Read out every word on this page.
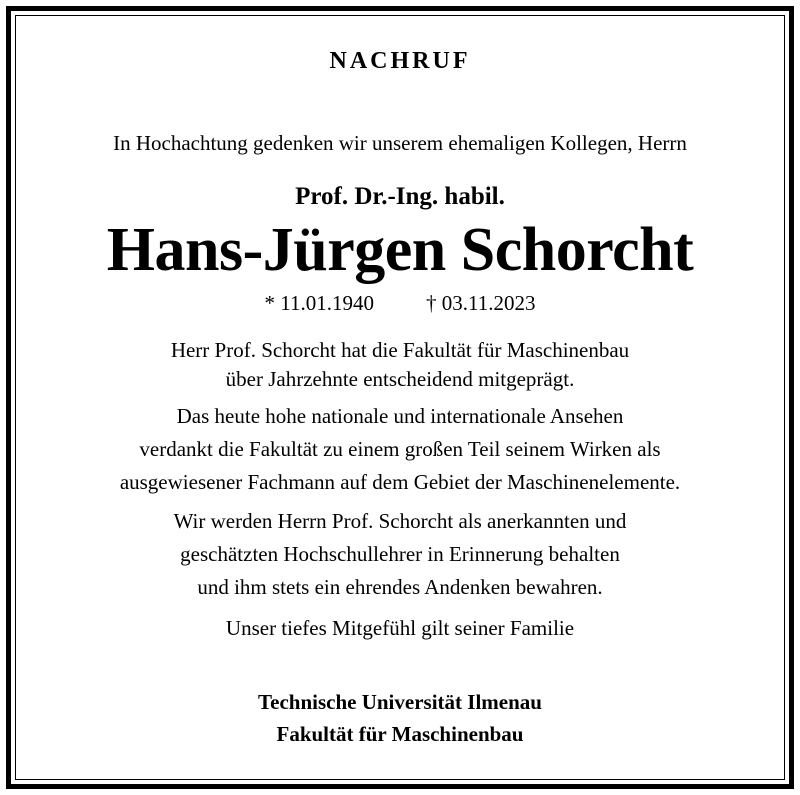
NACHRUF
In Hochachtung gedenken wir unserem ehemaligen Kollegen, Herrn
Prof. Dr.-Ing. habil.
Hans-Jürgen Schorcht
* 11.01.1940 † 03.11.2023
Herr Prof. Schorcht hat die Fakultät für Maschinenbau
über Jahrzehnte entscheidend mitgeprägt.
Das heute hohe nationale und internationale Ansehen
verdankt die Fakultät zu einem großen Teil seinem Wirken als
ausgewiesener Fachmann auf dem Gebiet der Maschinenelemente.
Wir werden Herrn Prof. Schorcht als anerkannten und
geschätzten Hochschullehrer in Erinnerung behalten
und ihm stets ein ehrendes Andenken bewahren.
Unser tiefes Mitgefühl gilt seiner Familie
Technische Universität Ilmenau
Fakultät für Maschinenbau
